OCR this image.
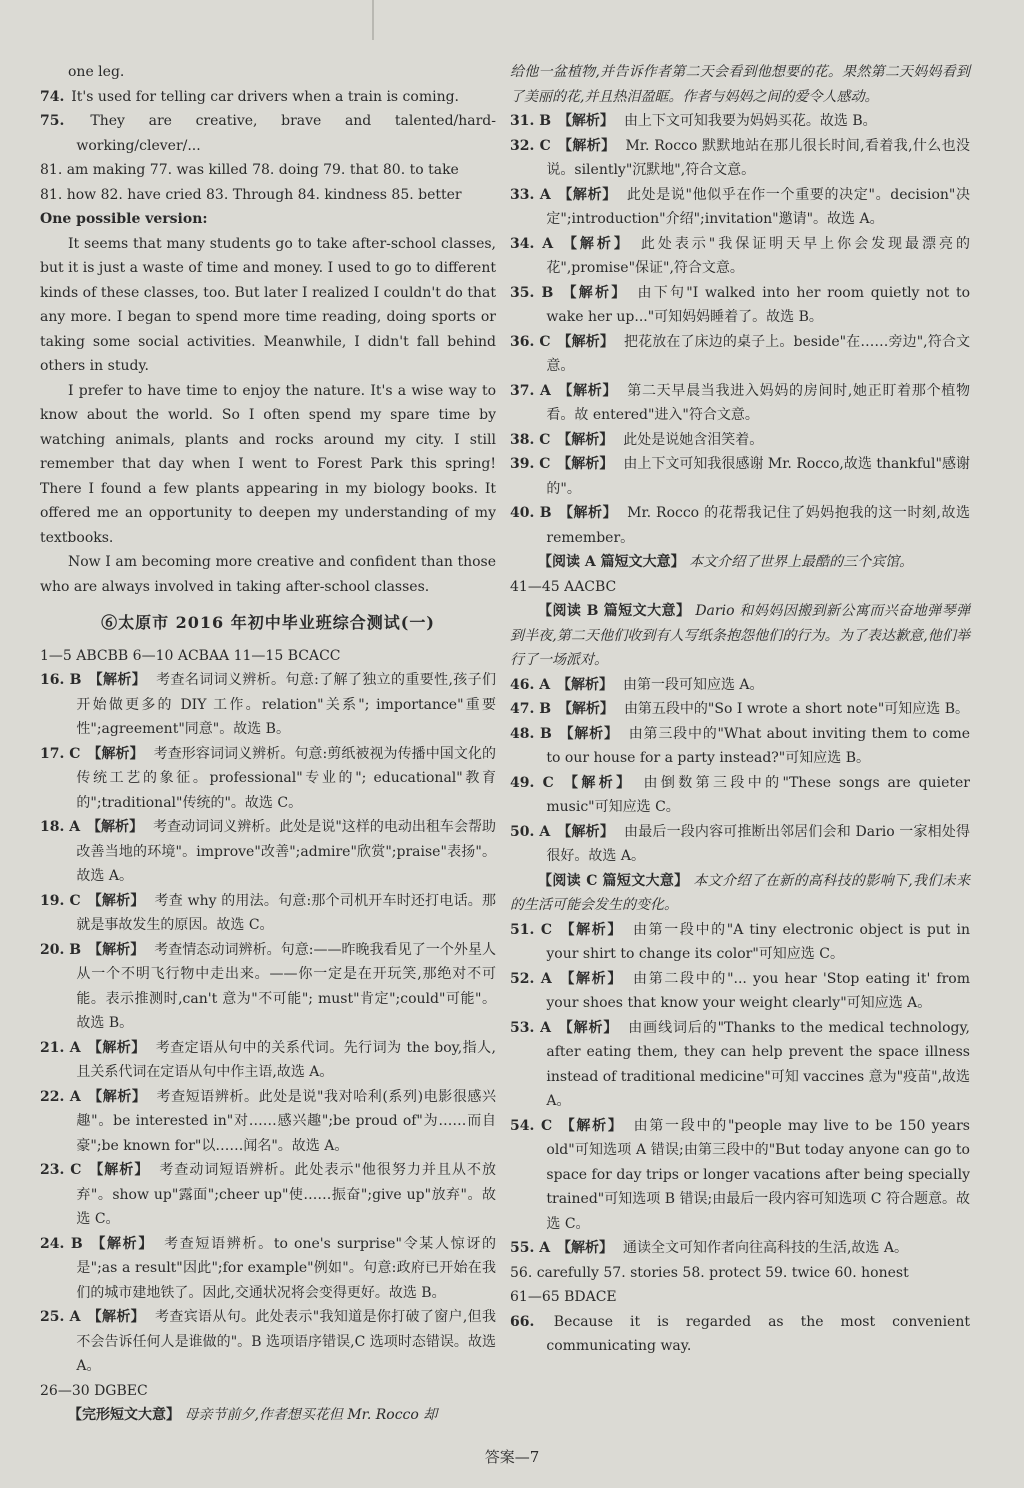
one leg.
74. It's used for telling car drivers when a train is coming.
75. They are creative, brave and talented/hard-working/clever/...
81. am making 77. was killed 78. doing 79. that 80. to take
81. how 82. have cried 83. Through 84. kindness 85. better
One possible version:
It seems that many students go to take after-school classes, but it is just a waste of time and money. I used to go to different kinds of these classes, too. But later I realized I couldn't do that any more. I began to spend more time reading, doing sports or taking some social activities. Meanwhile, I didn't fall behind others in study.
I prefer to have time to enjoy the nature. It's a wise way to know about the world. So I often spend my spare time by watching animals, plants and rocks around my city. I still remember that day when I went to Forest Park this spring! There I found a few plants appearing in my biology books. It offered me an opportunity to deepen my understanding of my textbooks.
Now I am becoming more creative and confident than those who are always involved in taking after-school classes.
⑥太原市 2016 年初中毕业班综合测试(一)
1—5 ABCBB 6—10 ACBAA 11—15 BCACC
16. B 【解析】 考查名词词义辨析。句意:了解了独立的重要性,孩子们开始做更多的 DIY 工作。relation"关系"; importance"重要性";agreement"同意"。故选 B。
17. C 【解析】 考查形容词词义辨析。句意:剪纸被视为传播中国文化的传统工艺的象征。professional"专业的"; educational"教育的";traditional"传统的"。故选 C。
18. A 【解析】 考查动词词义辨析。此处是说"这样的电动出租车会帮助改善当地的环境"。improve"改善";admire"欣赏";praise"表扬"。故选 A。
19. C 【解析】 考查 why 的用法。句意:那个司机开车时还打电话。那就是事故发生的原因。故选 C。
20. B 【解析】 考查情态动词辨析。句意:——昨晚我看见了一个外星人从一个不明飞行物中走出来。——你一定是在开玩笑,那绝对不可能。表示推测时,can't 意为"不可能"; must"肯定";could"可能"。故选 B。
21. A 【解析】 考查定语从句中的关系代词。先行词为 the boy,指人,且关系代词在定语从句中作主语,故选 A。
22. A 【解析】 考查短语辨析。此处是说"我对哈利(系列)电影很感兴趣"。be interested in"对……感兴趣";be proud of"为……而自豪";be known for"以……闻名"。故选 A。
23. C 【解析】 考查动词短语辨析。此处表示"他很努力并且从不放弃"。show up"露面";cheer up"使……振奋";give up"放弃"。故选 C。
24. B 【解析】 考查短语辨析。to one's surprise"令某人惊讶的是";as a result"因此";for example"例如"。句意:政府已开始在我们的城市建地铁了。因此,交通状况将会变得更好。故选 B。
25. A 【解析】 考查宾语从句。此处表示"我知道是你打破了窗户,但我不会告诉任何人是谁做的"。B 选项语序错误,C 选项时态错误。故选 A。
26—30 DGBEC
【完形短文大意】 母亲节前夕,作者想买花但 Mr. Rocco 却
给他一盆植物,并告诉作者第二天会看到他想要的花。果然第二天妈妈看到了美丽的花,并且热泪盈眶。作者与妈妈之间的爱令人感动。
31. B 【解析】 由上下文可知我要为妈妈买花。故选 B。
32. C 【解析】 Mr. Rocco 默默地站在那儿很长时间,看着我,什么也没说。silently"沉默地",符合文意。
33. A 【解析】 此处是说"他似乎在作一个重要的决定"。decision"决定";introduction"介绍";invitation"邀请"。故选 A。
34. A 【解析】 此处表示"我保证明天早上你会发现最漂亮的花",promise"保证",符合文意。
35. B 【解析】 由下句"I walked into her room quietly not to wake her up..."可知妈妈睡着了。故选 B。
36. C 【解析】 把花放在了床边的桌子上。beside"在……旁边",符合文意。
37. A 【解析】 第二天早晨当我进入妈妈的房间时,她正盯着那个植物看。故 entered"进入"符合文意。
38. C 【解析】 此处是说她含泪笑着。
39. C 【解析】 由上下文可知我很感谢 Mr. Rocco,故选 thankful"感谢的"。
40. B 【解析】 Mr. Rocco 的花帮我记住了妈妈抱我的这一时刻,故选 remember。
【阅读 A 篇短文大意】 本文介绍了世界上最酷的三个宾馆。
41—45 AACBC
【阅读 B 篇短文大意】 Dario 和妈妈因搬到新公寓而兴奋地弹琴弹到半夜,第二天他们收到有人写纸条抱怨他们的行为。为了表达歉意,他们举行了一场派对。
46. A 【解析】 由第一段可知应选 A。
47. B 【解析】 由第五段中的"So I wrote a short note"可知应选 B。
48. B 【解析】 由第三段中的"What about inviting them to come to our house for a party instead?"可知应选 B。
49. C 【解析】 由倒数第三段中的"These songs are quieter music"可知应选 C。
50. A 【解析】 由最后一段内容可推断出邻居们会和 Dario 一家相处得很好。故选 A。
【阅读 C 篇短文大意】 本文介绍了在新的高科技的影响下,我们未来的生活可能会发生的变化。
51. C 【解析】 由第一段中的"A tiny electronic object is put in your shirt to change its color"可知应选 C。
52. A 【解析】 由第二段中的"... you hear 'Stop eating it' from your shoes that know your weight clearly"可知应选 A。
53. A 【解析】 由画线词后的"Thanks to the medical technology, after eating them, they can help prevent the space illness instead of traditional medicine"可知 vaccines 意为"疫苗",故选 A。
54. C 【解析】 由第一段中的"people may live to be 150 years old"可知选项 A 错误;由第三段中的"But today anyone can go to space for day trips or longer vacations after being specially trained"可知选项 B 错误;由最后一段内容可知选项 C 符合题意。故选 C。
55. A 【解析】 通读全文可知作者向往高科技的生活,故选 A。
56. carefully 57. stories 58. protect 59. twice 60. honest
61—65 BDACE
66. Because it is regarded as the most convenient communicating way.
答案—7
